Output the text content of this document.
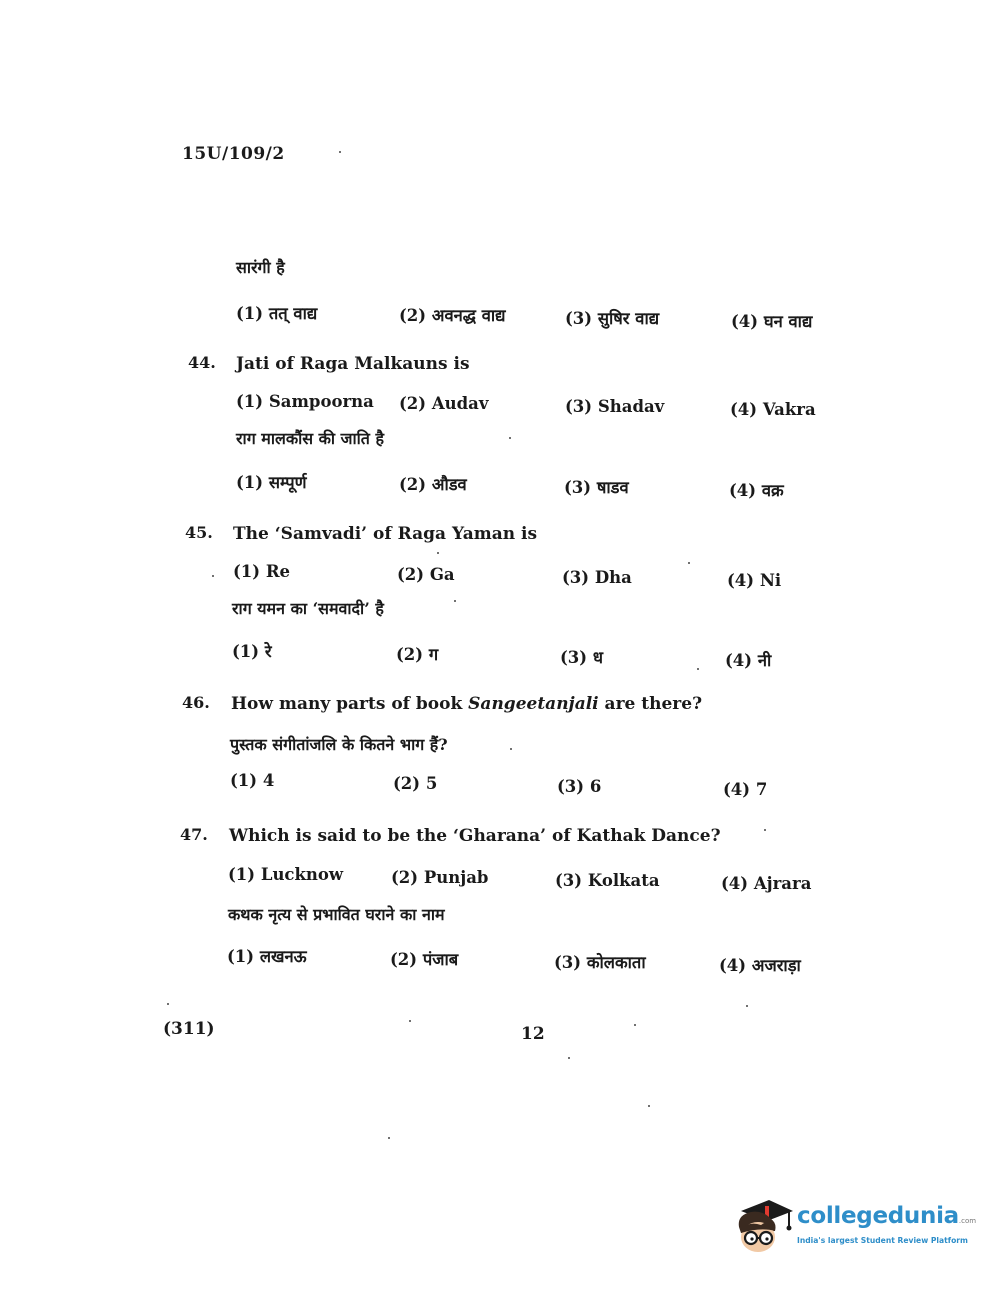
15U/109/2
सारंगी है
(1) तत् वाद्य	(2) अवनद्ध वाद्य	(3) सुषिर वाद्य	(4) घन वाद्य
44. Jati of Raga Malkauns is
(1) Sampoorna (2) Audav	(3) Shadav	(4) Vakra
राग मालकौंस की जाति है
(1) सम्पूर्ण	(2) औडव	(3) षाडव	(4) वक्र
45. The ‘Samvadi’ of Raga Yaman is
(1) Re	(2) Ga	(3) Dha	(4) Ni
राग यमन का ‘समवादी’ है
(1) रे	(2) ग	(3) ध	(4) नी
46. How many parts of book Sangeetanjali are there?
पुस्तक संगीतांजलि के कितने भाग हैं?
(1) 4	(2) 5	(3) 6	(4) 7
47. Which is said to be the ‘Gharana’ of Kathak Dance?
(1) Lucknow	(2) Punjab	(3) Kolkata	(4) Ajrara
कथक नृत्य से प्रभावित घराने का नाम
(1) लखनऊ	(2) पंजाब	(3) कोलकाता	(4) अजराड़ा
(311)	12
collegedunia.com
India's largest Student Review Platform
